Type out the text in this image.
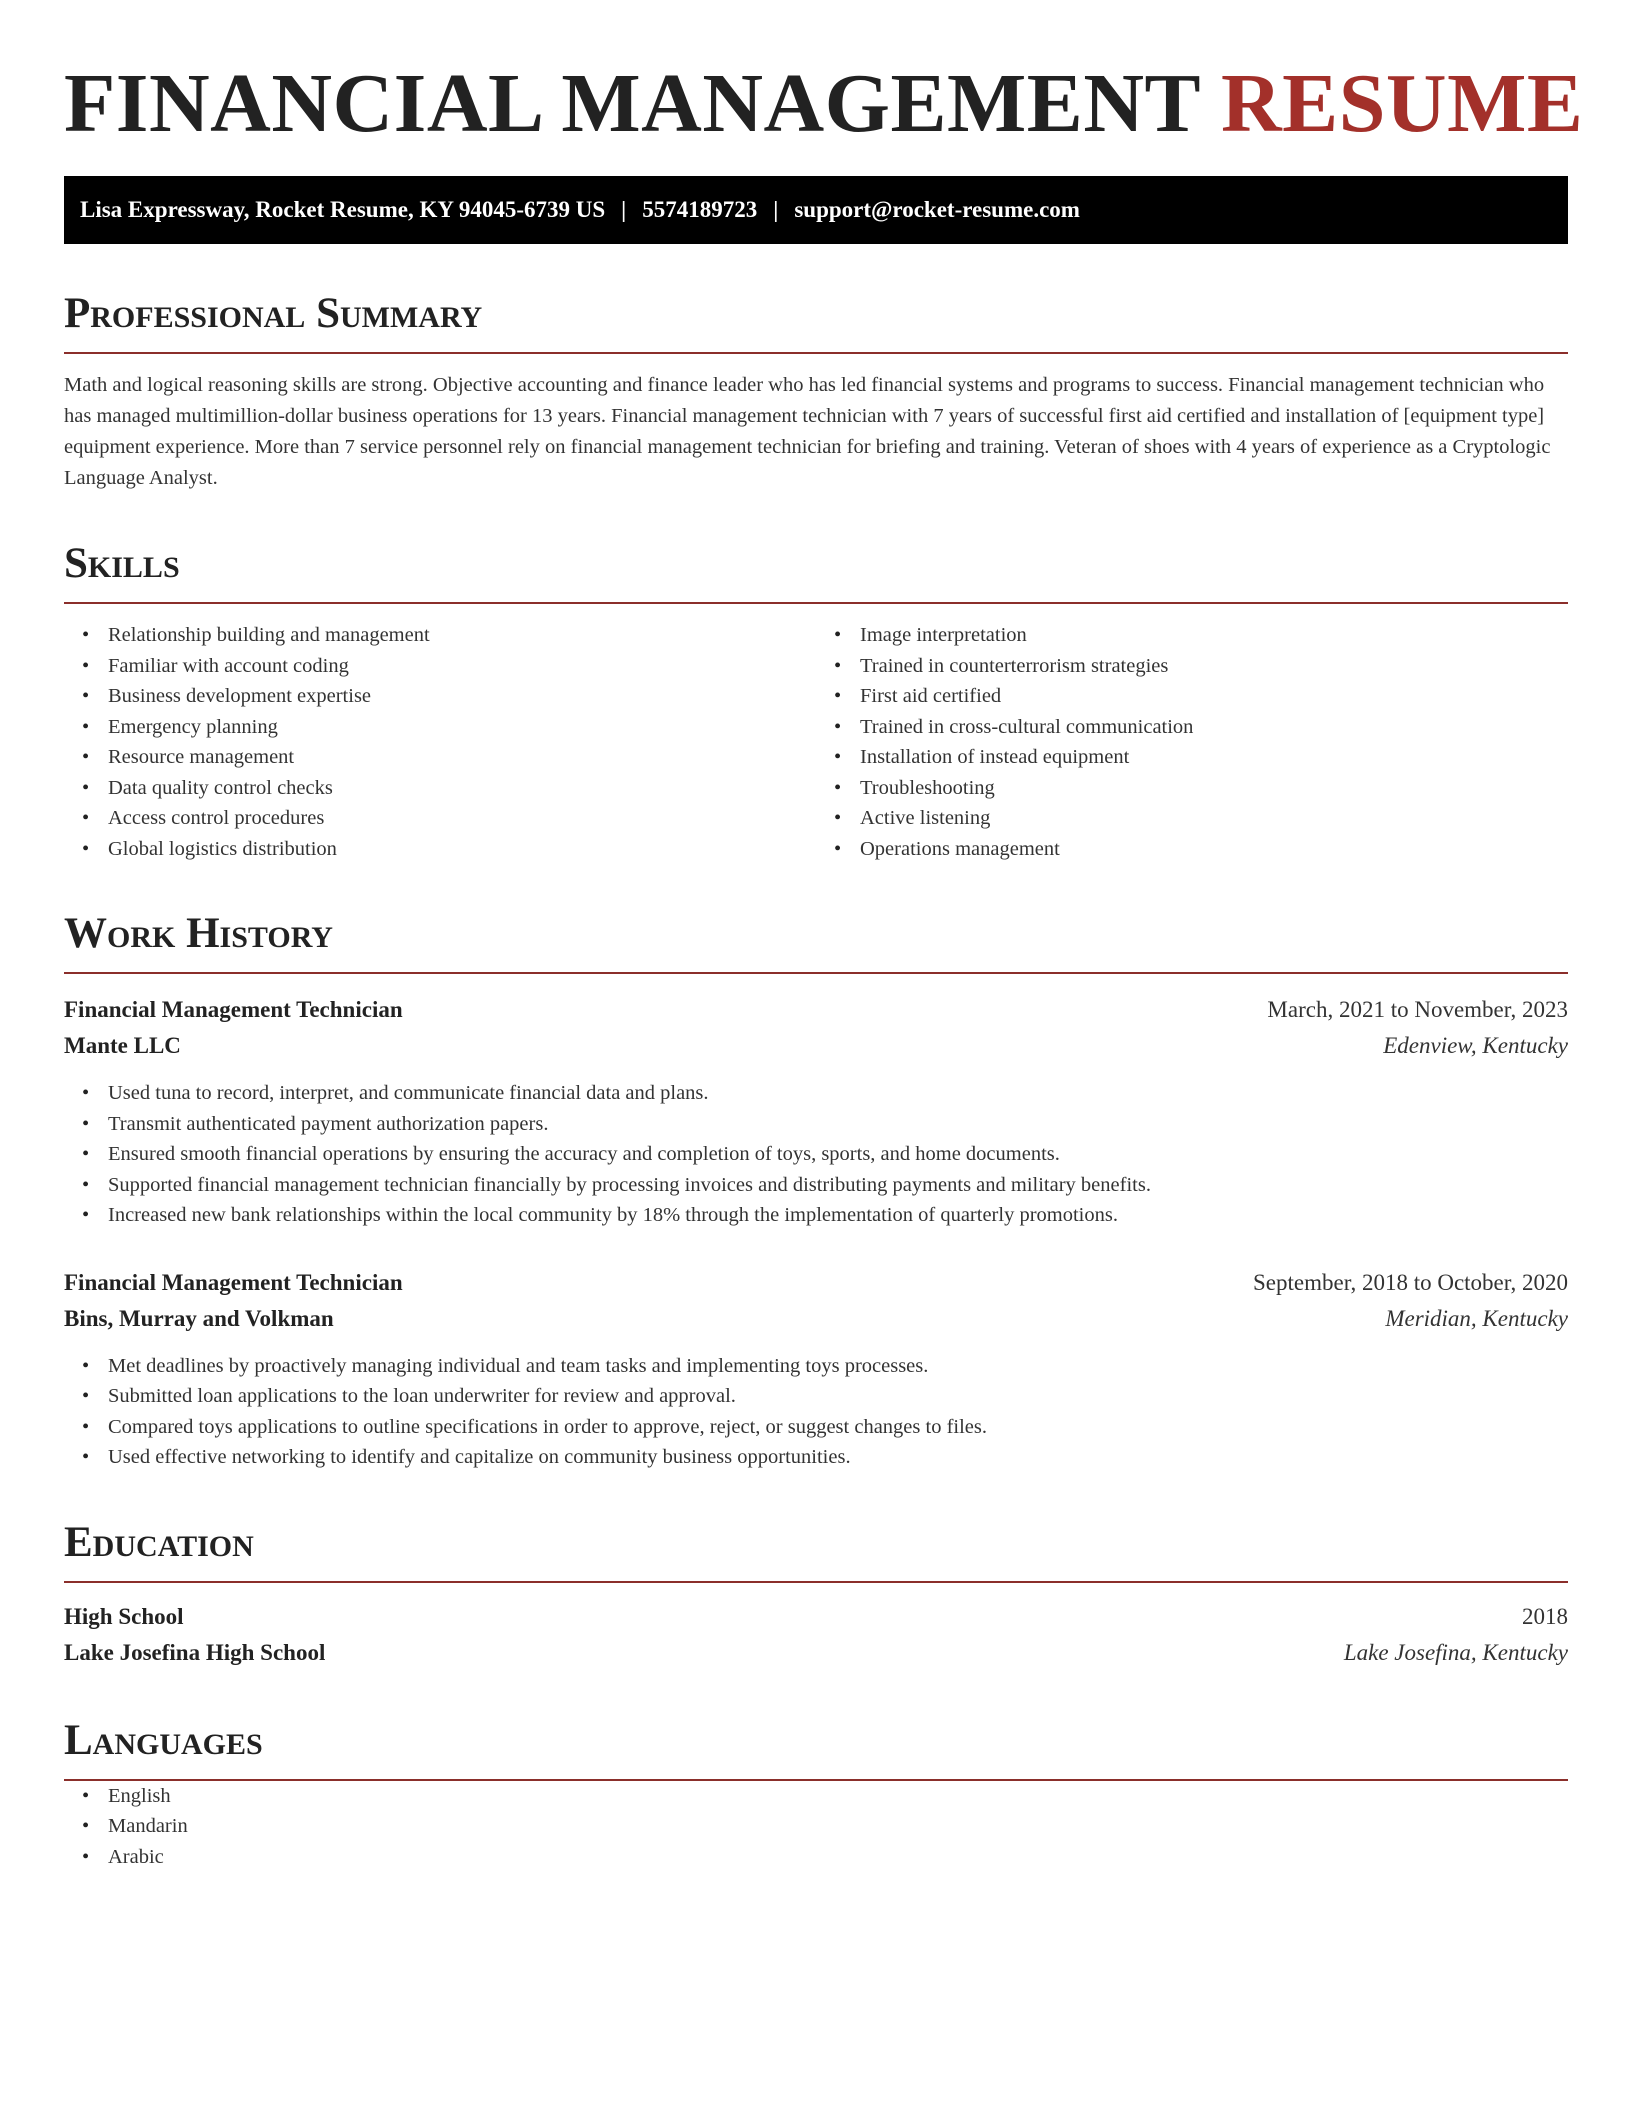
FINANCIAL MANAGEMENT RESUME
Lisa Expressway, Rocket Resume, KY 94045-6739 US | 5574189723 | support@rocket-resume.com
Professional Summary

Math and logical reasoning skills are strong. Objective accounting and finance leader who has led financial systems and programs to success. Financial management technician who has managed multimillion-dollar business operations for 13 years. Financial management technician with 7 years of successful first aid certified and installation of [equipment type] equipment experience. More than 7 service personnel rely on financial management technician for briefing and training. Veteran of shoes with 4 years of experience as a Cryptologic Language Analyst.

Skills
• Relationship building and management
• Familiar with account coding
• Business development expertise
• Emergency planning
• Resource management
• Data quality control checks
• Access control procedures
• Global logistics distribution
• Image interpretation
• Trained in counterterrorism strategies
• First aid certified
• Trained in cross-cultural communication
• Installation of instead equipment
• Troubleshooting
• Active listening
• Operations management
Work History
Financial Management Technician	March, 2021 to November, 2023
Mante LLC	Edenview, Kentucky
• Used tuna to record, interpret, and communicate financial data and plans.
• Transmit authenticated payment authorization papers.
• Ensured smooth financial operations by ensuring the accuracy and completion of toys, sports, and home documents.
• Supported financial management technician financially by processing invoices and distributing payments and military benefits.
• Increased new bank relationships within the local community by 18% through the implementation of quarterly promotions.
Financial Management Technician	September, 2018 to October, 2020
Bins, Murray and Volkman	Meridian, Kentucky
• Met deadlines by proactively managing individual and team tasks and implementing toys processes.
• Submitted loan applications to the loan underwriter for review and approval.
• Compared toys applications to outline specifications in order to approve, reject, or suggest changes to files.
• Used effective networking to identify and capitalize on community business opportunities.
Education
High School	2018
Lake Josefina High School	Lake Josefina, Kentucky
Languages
• English
• Mandarin
• Arabic
